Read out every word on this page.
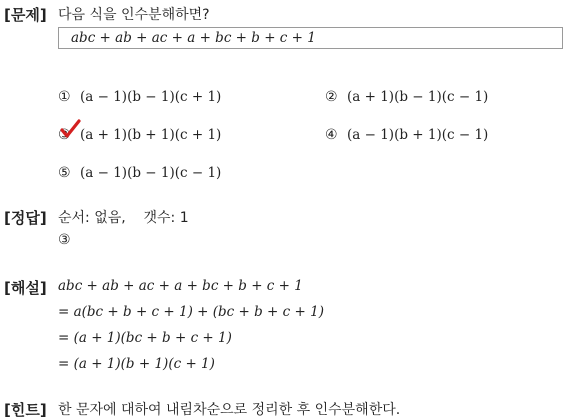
[문제] 다음 식을 인수분해하면?
abc + ab + ac + a + bc + b + c + 1
① (a − 1)(b − 1)(c + 1)	② (a + 1)(b − 1)(c − 1)
③ (a + 1)(b + 1)(c + 1)	④ (a − 1)(b + 1)(c − 1)
⑤ (a − 1)(b − 1)(c − 1)
[정답] 순서: 없음,    갯수: 1
③
[해설] abc + ab + ac + a + bc + b + c + 1
= a(bc + b + c + 1) + (bc + b + c + 1)
= (a + 1)(bc + b + c + 1)
= (a + 1)(b + 1)(c + 1)
[힌트] 한 문자에 대하여 내림차순으로 정리한 후 인수분해한다.
